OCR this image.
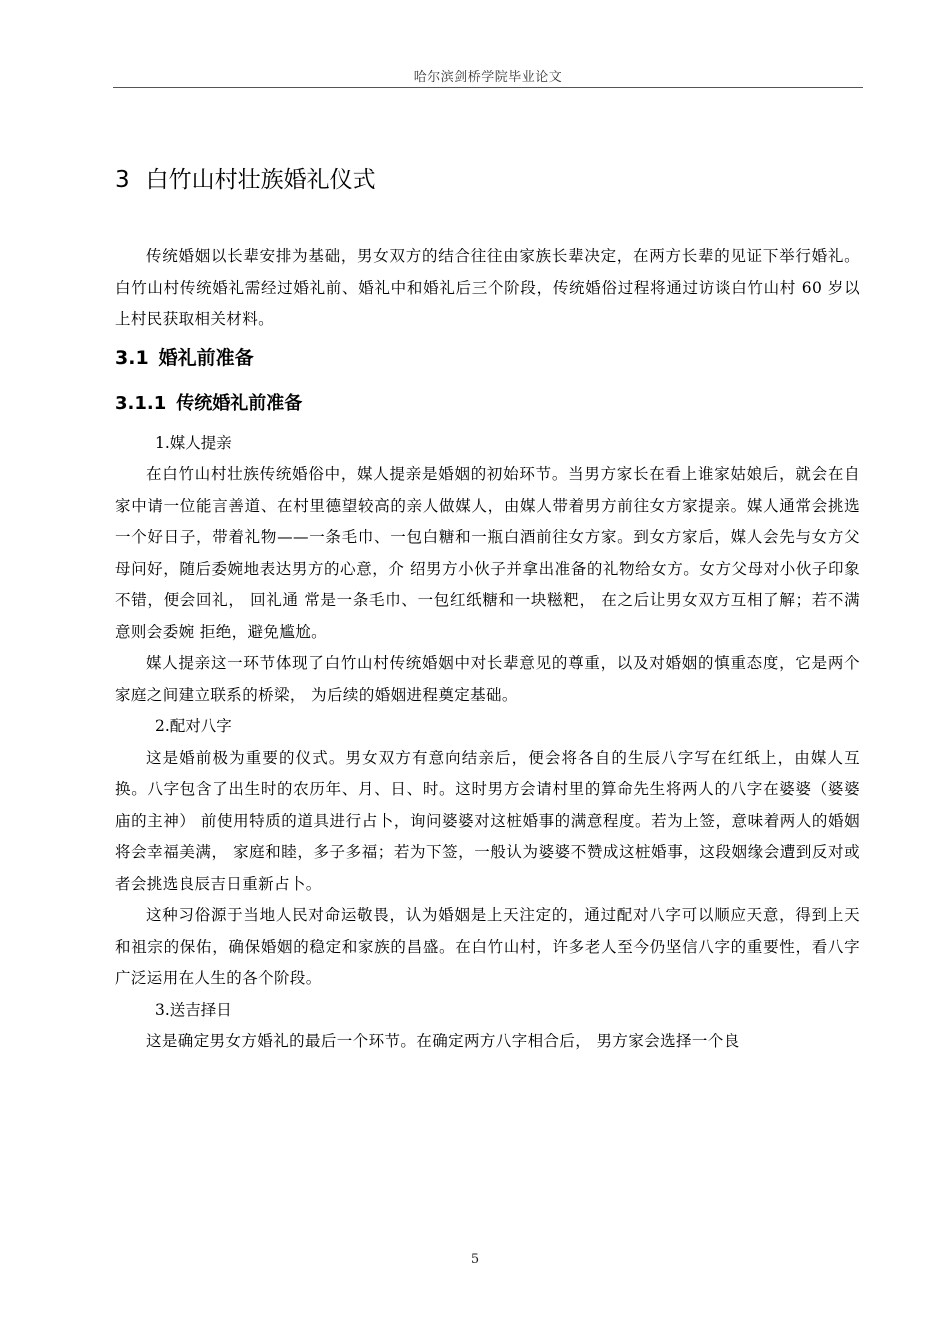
哈尔滨剑桥学院毕业论文
3 白竹山村壮族婚礼仪式

传统婚姻以长辈安排为基础，男女双方的结合往往由家族长辈决定，在两方长辈的见证下举行婚礼。白竹山村传统婚礼需经过婚礼前、婚礼中和婚礼后三个阶段，传统婚俗过程将通过访谈白竹山村 60 岁以上村民获取相关材料。

3.1 婚礼前准备
3.1.1 传统婚礼前准备

1.媒人提亲

在白竹山村壮族传统婚俗中，媒人提亲是婚姻的初始环节。当男方家长在看上谁家姑娘后，就会在自家中请一位能言善道、在村里德望较高的亲人做媒人，由媒人带着男方前往女方家提亲。媒人通常会挑选一个好日子，带着礼物——一条毛巾、一包白糖和一瓶白酒前往女方家。到女方家后，媒人会先与女方父母问好，随后委婉地表达男方的心意，介 绍男方小伙子并拿出准备的礼物给女方。女方父母对小伙子印象不错，便会回礼， 回礼通 常是一条毛巾、一包红纸糖和一块糍粑， 在之后让男女双方互相了解；若不满意则会委婉 拒绝，避免尴尬。

媒人提亲这一环节体现了白竹山村传统婚姻中对长辈意见的尊重，以及对婚姻的慎重态度，它是两个家庭之间建立联系的桥梁， 为后续的婚姻进程奠定基础。

2.配对八字

这是婚前极为重要的仪式。男女双方有意向结亲后，便会将各自的生辰八字写在红纸上，由媒人互换。八字包含了出生时的农历年、月、日、时。这时男方会请村里的算命先生将两人的八字在婆婆（婆婆庙的主神） 前使用特质的道具进行占卜，询问婆婆对这桩婚事的满意程度。若为上签，意味着两人的婚姻将会幸福美满， 家庭和睦，多子多福；若为下签，一般认为婆婆不赞成这桩婚事，这段姻缘会遭到反对或者会挑选良辰吉日重新占卜。

这种习俗源于当地人民对命运敬畏，认为婚姻是上天注定的，通过配对八字可以顺应天意，得到上天和祖宗的保佑，确保婚姻的稳定和家族的昌盛。在白竹山村，许多老人至今仍坚信八字的重要性，看八字广泛运用在人生的各个阶段。

3.送吉择日

这是确定男女方婚礼的最后一个环节。在确定两方八字相合后， 男方家会选择一个良

5
